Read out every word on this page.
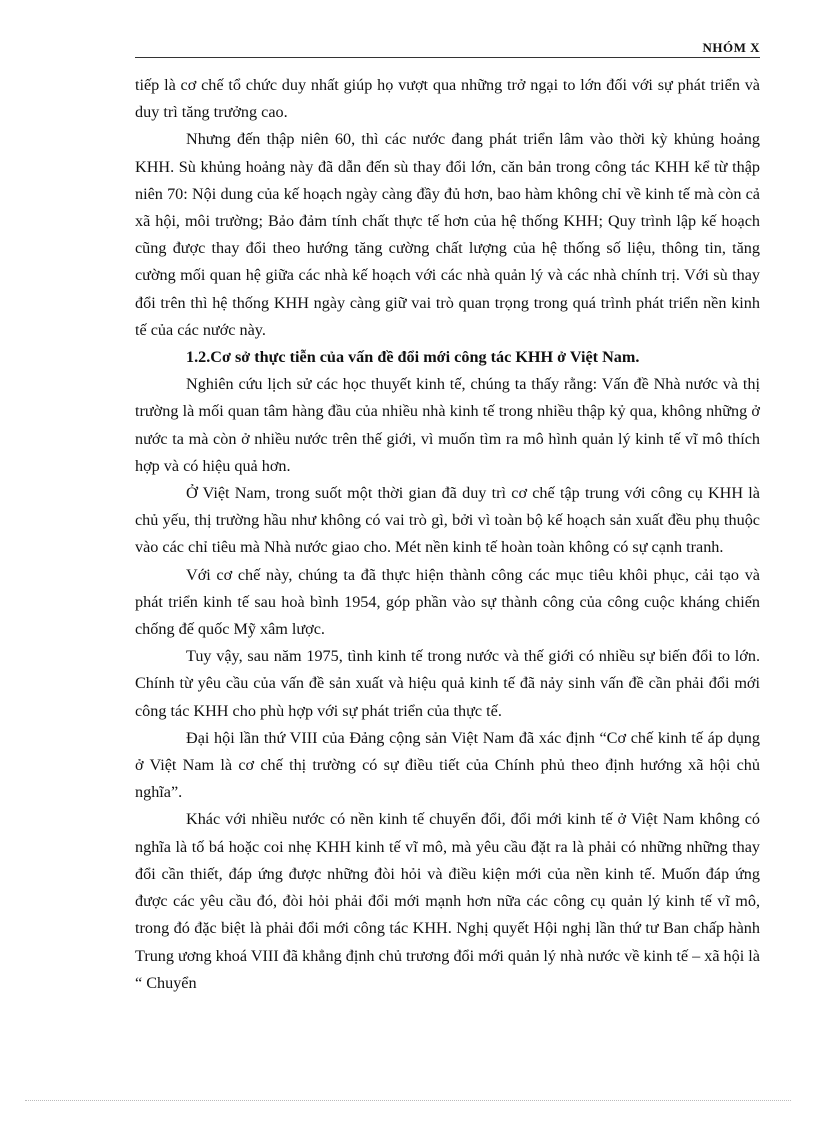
NHÓM X

tiếp là cơ chế tổ chức duy nhất giúp họ vượt qua những trở ngại to lớn đối với sự phát triển và duy trì tăng trưởng cao.

Nhưng đến thập niên 60, thì các nước đang phát triển lâm vào thời kỳ khủng hoảng KHH. Sù khủng hoảng này đã dẫn đến sù thay đổi lớn, căn bản trong công tác KHH kể từ thập niên 70: Nội dung của kế hoạch ngày càng đầy đủ hơn, bao hàm không chỉ về kinh tế mà còn cả xã hội, môi trường; Bảo đảm tính chất thực tế hơn của hệ thống KHH; Quy trình lập kế hoạch cũng được thay đổi theo hướng tăng cường chất lượng của hệ thống số liệu, thông tin, tăng cường mối quan hệ giữa các nhà kế hoạch với các nhà quản lý và các nhà chính trị. Với sù thay đổi trên thì hệ thống KHH ngày càng giữ vai trò quan trọng trong quá trình phát triển nền kinh tế của các nước này.

1.2.Cơ sở thực tiễn của vấn đề đổi mới công tác KHH ở Việt Nam.

Nghiên cứu lịch sử các học thuyết kinh tế, chúng ta thấy rằng: Vấn đề Nhà nước và thị trường là mối quan tâm hàng đầu của nhiều nhà kinh tế trong nhiều thập kỷ qua, không những ở nước ta mà còn ở nhiều nước trên thế giới, vì muốn tìm ra mô hình quản lý kinh tế vĩ mô thích hợp và có hiệu quả hơn.

Ở Việt Nam, trong suốt một thời gian đã duy trì cơ chế tập trung với công cụ KHH là chủ yếu, thị trường hầu như không có vai trò gì, bởi vì toàn bộ kế hoạch sản xuất đều phụ thuộc vào các chỉ tiêu mà Nhà nước giao cho. Mét nền kinh tế hoàn toàn không có sự cạnh tranh.

Với cơ chế này, chúng ta đã thực hiện thành công các mục tiêu khôi phục, cải tạo và phát triển kinh tế sau hoà bình 1954, góp phần vào sự thành công của công cuộc kháng chiến chống đế quốc Mỹ xâm lược.

Tuy vậy, sau năm 1975, tình kinh tế trong nước và thế giới có nhiều sự biến đổi to lớn. Chính từ yêu cầu của vấn đề sản xuất và hiệu quả kinh tế đã nảy sinh vấn đề cần phải đổi mới công tác KHH cho phù hợp với sự phát triển của thực tế.

Đại hội lần thứ VIII của Đảng cộng sản Việt Nam đã xác định “Cơ chế kinh tế áp dụng ở Việt Nam là cơ chế thị trường có sự điều tiết của Chính phủ theo định hướng xã hội chủ nghĩa”.

Khác với nhiều nước có nền kinh tế chuyển đổi, đổi mới kinh tế ở Việt Nam không có nghĩa là tố bá hoặc coi nhẹ KHH kinh tế vĩ mô, mà yêu cầu đặt ra là phải có những những thay đổi cần thiết, đáp ứng được những đòi hỏi và điều kiện mới của nền kinh tế. Muốn đáp ứng được các yêu cầu đó, đòi hỏi phải đổi mới mạnh hơn nữa các công cụ quản lý kinh tế vĩ mô, trong đó đặc biệt là phải đổi mới công tác KHH. Nghị quyết Hội nghị lần thứ tư Ban chấp hành Trung ương khoá VIII đã khẳng định chủ trương đổi mới quản lý nhà nước về kinh tế – xã hội là “ Chuyển
